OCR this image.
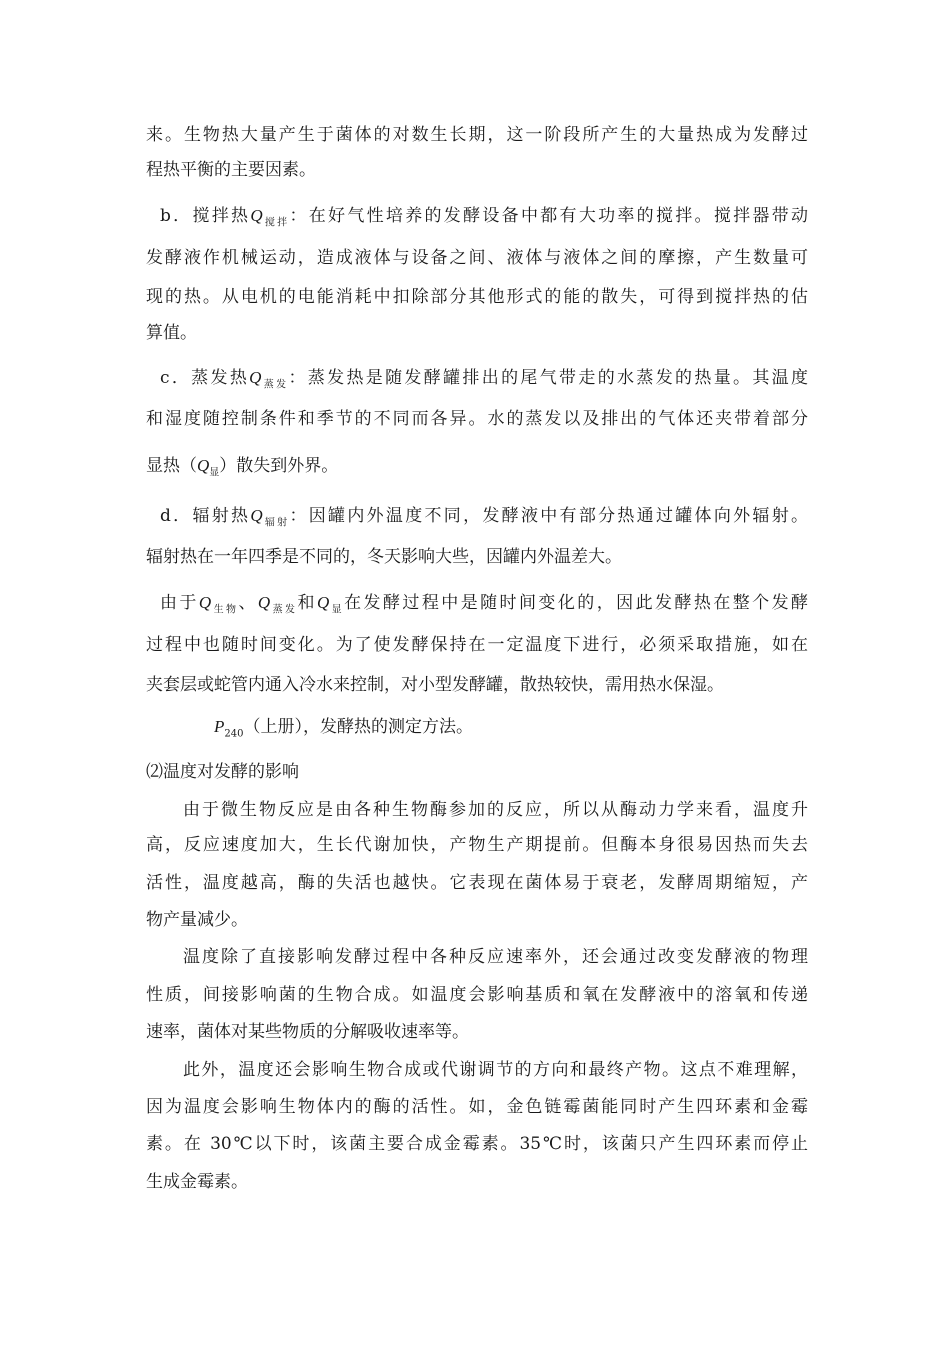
来。生物热大量产生于菌体的对数生长期，这一阶段所产生的大量热成为发酵过

程热平衡的主要因素。

b．搅拌热$Q_{搅拌}$：在好气性培养的发酵设备中都有大功率的搅拌。搅拌器带动

发酵液作机械运动，造成液体与设备之间、液体与液体之间的摩擦，产生数量可

现的热。从电机的电能消耗中扣除部分其他形式的能的散失，可得到搅拌热的估

算值。

c．蒸发热$Q_{蒸发}$：蒸发热是随发酵罐排出的尾气带走的水蒸发的热量。其温度

和湿度随控制条件和季节的不同而各异。水的蒸发以及排出的气体还夹带着部分

显热$(Q_显)$散失到外界。

d．辐射热$Q_{辐射}$：因罐内外温度不同，发酵液中有部分热通过罐体向外辐射。

辐射热在一年四季是不同的，冬天影响大些，因罐内外温差大。

由于$Q_{生物}$、$Q_{蒸发}$和$Q_显$在发酵过程中是随时间变化的，因此发酵热在整个发酵

过程中也随时间变化。为了使发酵保持在一定温度下进行，必须采取措施，如在

夹套层或蛇管内通入冷水来控制，对小型发酵罐，散热较快，需用热水保湿。

$P_{240}$（上册），发酵热的测定方法。

⑵温度对发酵的影响

由于微生物反应是由各种生物酶参加的反应，所以从酶动力学来看，温度升

高，反应速度加大，生长代谢加快，产物生产期提前。但酶本身很易因热而失去

活性，温度越高，酶的失活也越快。它表现在菌体易于衰老，发酵周期缩短，产

物产量减少。

温度除了直接影响发酵过程中各种反应速率外，还会通过改变发酵液的物理

性质，间接影响菌的生物合成。如温度会影响基质和氧在发酵液中的溶氧和传递

速率，菌体对某些物质的分解吸收速率等。

此外，温度还会影响生物合成或代谢调节的方向和最终产物。这点不难理解，

因为温度会影响生物体内的酶的活性。如，金色链霉菌能同时产生四环素和金霉

素。在 30℃以下时，该菌主要合成金霉素。35℃时，该菌只产生四环素而停止

生成金霉素。
